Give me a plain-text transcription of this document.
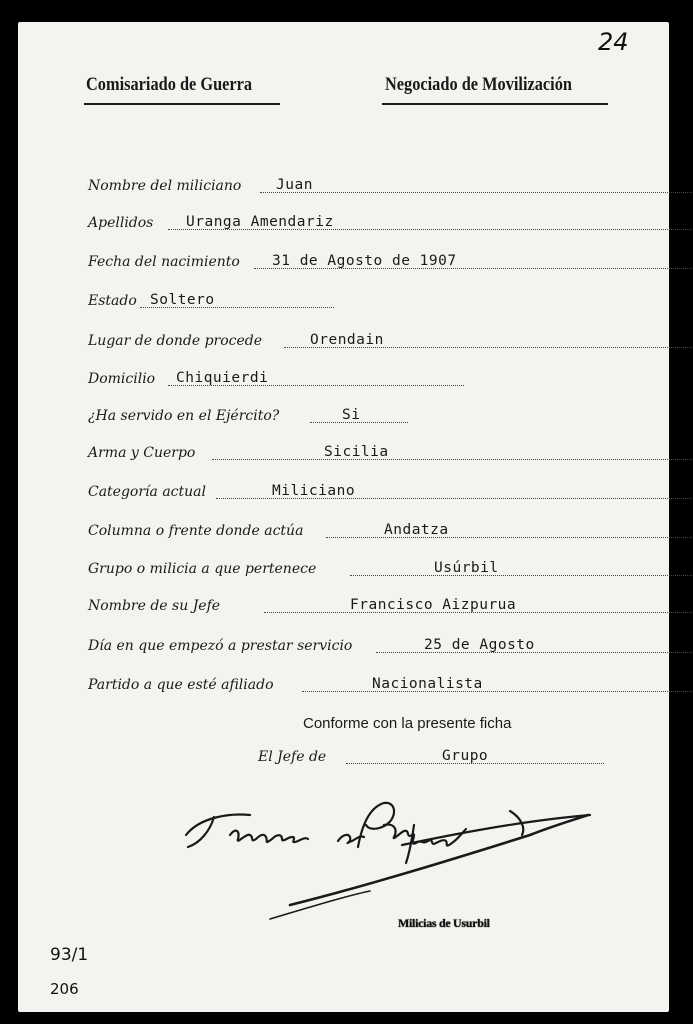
24
Comisariado de Guerra	Negociado de Movilización
Nombre del miliciano Juan
Apellidos Uranga Amendariz
Fecha del nacimiento 31 de Agosto de 1907
Estado Soltero
Lugar de donde procede	Orendain
Domicilio Chiquierdi
¿Ha servido en el Ejército?	Si
Arma y Cuerpo	Sicilia
Categoría actual	Miliciano
Columna o frente donde actúa	Andatza
Grupo o milicia a que pertenece	Usúrbil
Nombre de su Jefe	Francisco Aizpurua
Día en que empezó a prestar servicio	25 de Agosto
Partido a que esté afiliado	Nacionalista
Conforme con la presente ficha
El Jefe de	Grupo
Milicias de Usurbil
93/1
206
